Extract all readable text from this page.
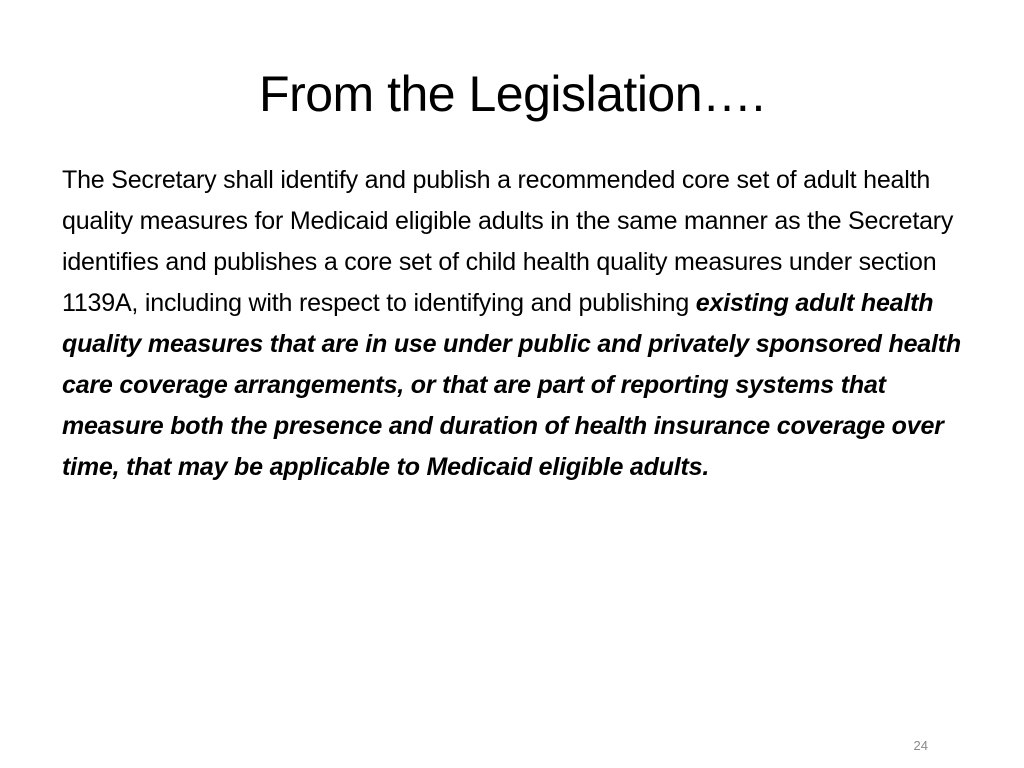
From the Legislation….

The Secretary shall identify and publish a recommended core set of adult health quality measures for Medicaid eligible adults in the same manner as the Secretary identifies and publishes a core set of child health quality measures under section 1139A, including with respect to identifying and publishing existing adult health quality measures that are in use under public and privately sponsored health care coverage arrangements, or that are part of reporting systems that measure both the presence and duration of health insurance coverage over time, that may be applicable to Medicaid eligible adults.

24
